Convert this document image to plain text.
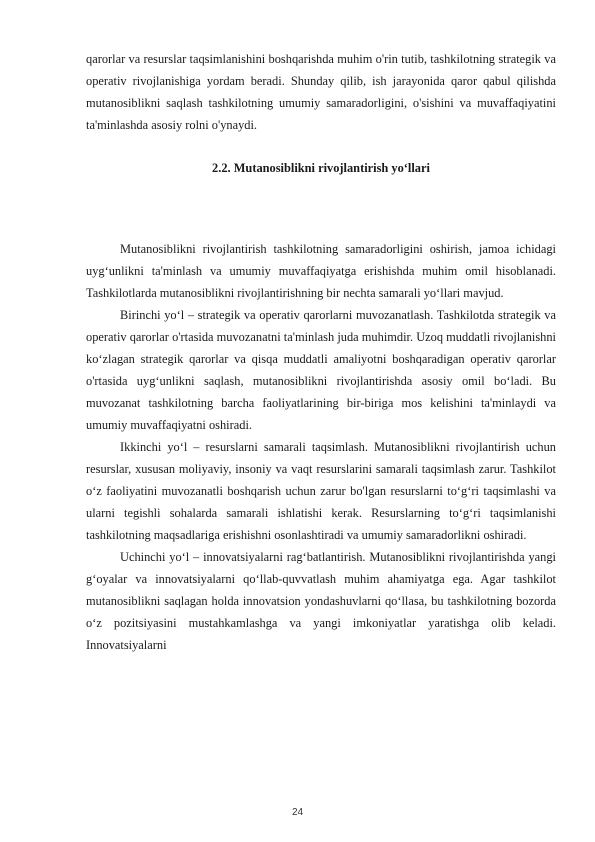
qarorlar va resurslar taqsimlanishini boshqarishda muhim o'rin tutib, tashkilotning strategik va operativ rivojlanishiga yordam beradi. Shunday qilib, ish jarayonida qaror qabul qilishda mutanosiblikni saqlash tashkilotning umumiy samaradorligini, o'sishini va muvaffaqiyatini ta'minlashda asosiy rolni o'ynaydi.

2.2. Mutanosiblikni rivojlantirish yo‘llari

Mutanosiblikni rivojlantirish tashkilotning samaradorligini oshirish, jamoa ichidagi uyg‘unlikni ta'minlash va umumiy muvaffaqiyatga erishishda muhim omil hisoblanadi. Tashkilotlarda mutanosiblikni rivojlantirishning bir nechta samarali yo‘llari mavjud.

Birinchi yo‘l – strategik va operativ qarorlarni muvozanatlash. Tashkilotda strategik va operativ qarorlar o'rtasida muvozanatni ta'minlash juda muhimdir. Uzoq muddatli rivojlanishni ko‘zlagan strategik qarorlar va qisqa muddatli amaliyotni boshqaradigan operativ qarorlar o'rtasida uyg‘unlikni saqlash, mutanosiblikni rivojlantirishda asosiy omil bo‘ladi. Bu muvozanat tashkilotning barcha faoliyatlarining bir-biriga mos kelishini ta'minlaydi va umumiy muvaffaqiyatni oshiradi.

Ikkinchi yo‘l – resurslarni samarali taqsimlash. Mutanosiblikni rivojlantirish uchun resurslar, xususan moliyaviy, insoniy va vaqt resurslarini samarali taqsimlash zarur. Tashkilot o‘z faoliyatini muvozanatli boshqarish uchun zarur bo'lgan resurslarni to‘g‘ri taqsimlashi va ularni tegishli sohalarda samarali ishlatishi kerak. Resurslarning to‘g‘ri taqsimlanishi tashkilotning maqsadlariga erishishni osonlashtiradi va umumiy samaradorlikni oshiradi.

Uchinchi yo‘l – innovatsiyalarni rag‘batlantirish. Mutanosiblikni rivojlantirishda yangi g‘oyalar va innovatsiyalarni qo‘llab-quvvatlash muhim ahamiyatga ega. Agar tashkilot mutanosiblikni saqlagan holda innovatsion yondashuvlarni qo‘llasa, bu tashkilotning bozorda o‘z pozitsiyasini mustahkamlashga va yangi imkoniyatlar yaratishga olib keladi. Innovatsiyalarni

24
